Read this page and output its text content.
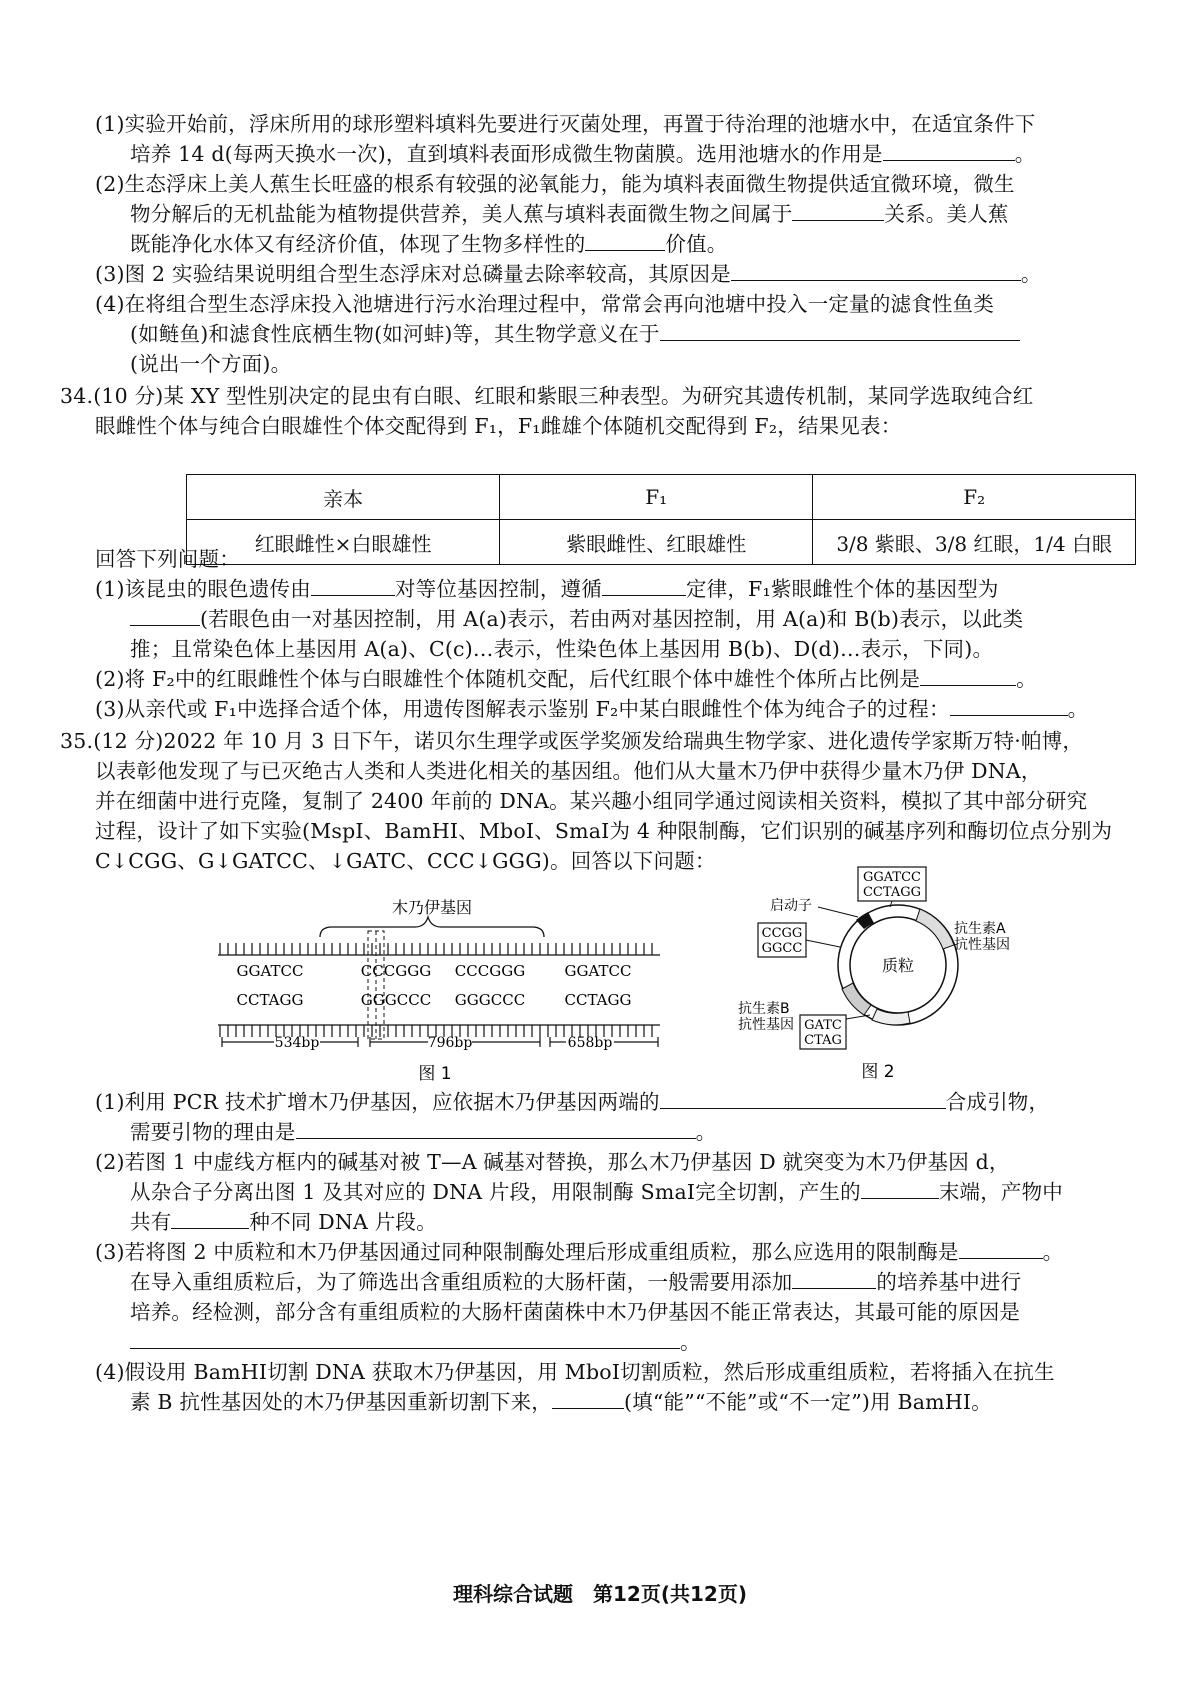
(1)实验开始前，浮床所用的球形塑料填料先要进行灭菌处理，再置于待治理的池塘水中，在适宜条件下
培养 14 d(每两天换水一次)，直到填料表面形成微生物菌膜。选用池塘水的作用是	。
(2)生态浮床上美人蕉生长旺盛的根系有较强的泌氧能力，能为填料表面微生物提供适宜微环境，微生
物分解后的无机盐能为植物提供营养，美人蕉与填料表面微生物之间属于	关系。美人蕉
既能净化水体又有经济价值，体现了生物多样性的	价值。
(3)图 2 实验结果说明组合型生态浮床对总磷量去除率较高，其原因是	。
(4)在将组合型生态浮床投入池塘进行污水治理过程中，常常会再向池塘中投入一定量的滤食性鱼类
(如鲢鱼)和滤食性底栖生物(如河蚌)等，其生物学意义在于
(说出一个方面)。
34.(10 分)某 XY 型性别决定的昆虫有白眼、红眼和紫眼三种表型。为研究其遗传机制，某同学选取纯合红
眼雌性个体与纯合白眼雄性个体交配得到 F₁，F₁雌雄个体随机交配得到 F₂，结果见表：
亲本	F₁	F₂
红眼雌性×白眼雄性	紫眼雌性、红眼雄性	3/8 紫眼、3/8 红眼，1/4 白眼
回答下列问题：
(1)该昆虫的眼色遗传由	对等位基因控制，遵循	定律，F₁紫眼雌性个体的基因型为
(若眼色由一对基因控制，用 A(a)表示，若由两对基因控制，用 A(a)和 B(b)表示，以此类
推；且常染色体上基因用 A(a)、C(c)…表示，性染色体上基因用 B(b)、D(d)…表示，下同)。
(2)将 F₂中的红眼雌性个体与白眼雄性个体随机交配，后代红眼个体中雄性个体所占比例是	。
(3)从亲代或 F₁中选择合适个体，用遗传图解表示鉴别 F₂中某白眼雌性个体为纯合子的过程：	。
35.(12 分)2022 年 10 月 3 日下午，诺贝尔生理学或医学奖颁发给瑞典生物学家、进化遗传学家斯万特·帕博，
以表彰他发现了与已灭绝古人类和人类进化相关的基因组。他们从大量木乃伊中获得少量木乃伊 DNA，
并在细菌中进行克隆，复制了 2400 年前的 DNA。某兴趣小组同学通过阅读相关资料，模拟了其中部分研究
过程，设计了如下实验(MspⅠ、BamHⅠ、MboⅠ、SmaⅠ为 4 种限制酶，它们识别的碱基序列和酶切位点分别为
C↓CGG、G↓GATCC、↓GATC、CCC↓GGG)。回答以下问题：
木乃伊基因
GGATCC	CCCGGG CCCGGG	GGATCC
CCTAGG	GGGCCC GGGCCC	CCTAGG
534bp	796bp	658bp
图 1
质粒
启动子
GGATCC
CCTAGG
CCGG
GGCC
抗生素A
抗性基因
抗生素B
抗性基因 GATC
CTAG
图 2
(1)利用 PCR 技术扩增木乃伊基因，应依据木乃伊基因两端的	合成引物，
需要引物的理由是	。
(2)若图 1 中虚线方框内的碱基对被 T—A 碱基对替换，那么木乃伊基因 D 就突变为木乃伊基因 d，
从杂合子分离出图 1 及其对应的 DNA 片段，用限制酶 SmaⅠ完全切割，产生的	末端，产物中
共有	种不同 DNA 片段。
(3)若将图 2 中质粒和木乃伊基因通过同种限制酶处理后形成重组质粒，那么应选用的限制酶是	。
在导入重组质粒后，为了筛选出含重组质粒的大肠杆菌，一般需要用添加	的培养基中进行
培养。经检测，部分含有重组质粒的大肠杆菌菌株中木乃伊基因不能正常表达，其最可能的原因是
。
(4)假设用 BamHⅠ切割 DNA 获取木乃伊基因，用 MboⅠ切割质粒，然后形成重组质粒，若将插入在抗生
素 B 抗性基因处的木乃伊基因重新切割下来，	(填“能”“不能”或“不一定”)用 BamHⅠ。
理科综合试题　第12页(共12页)
